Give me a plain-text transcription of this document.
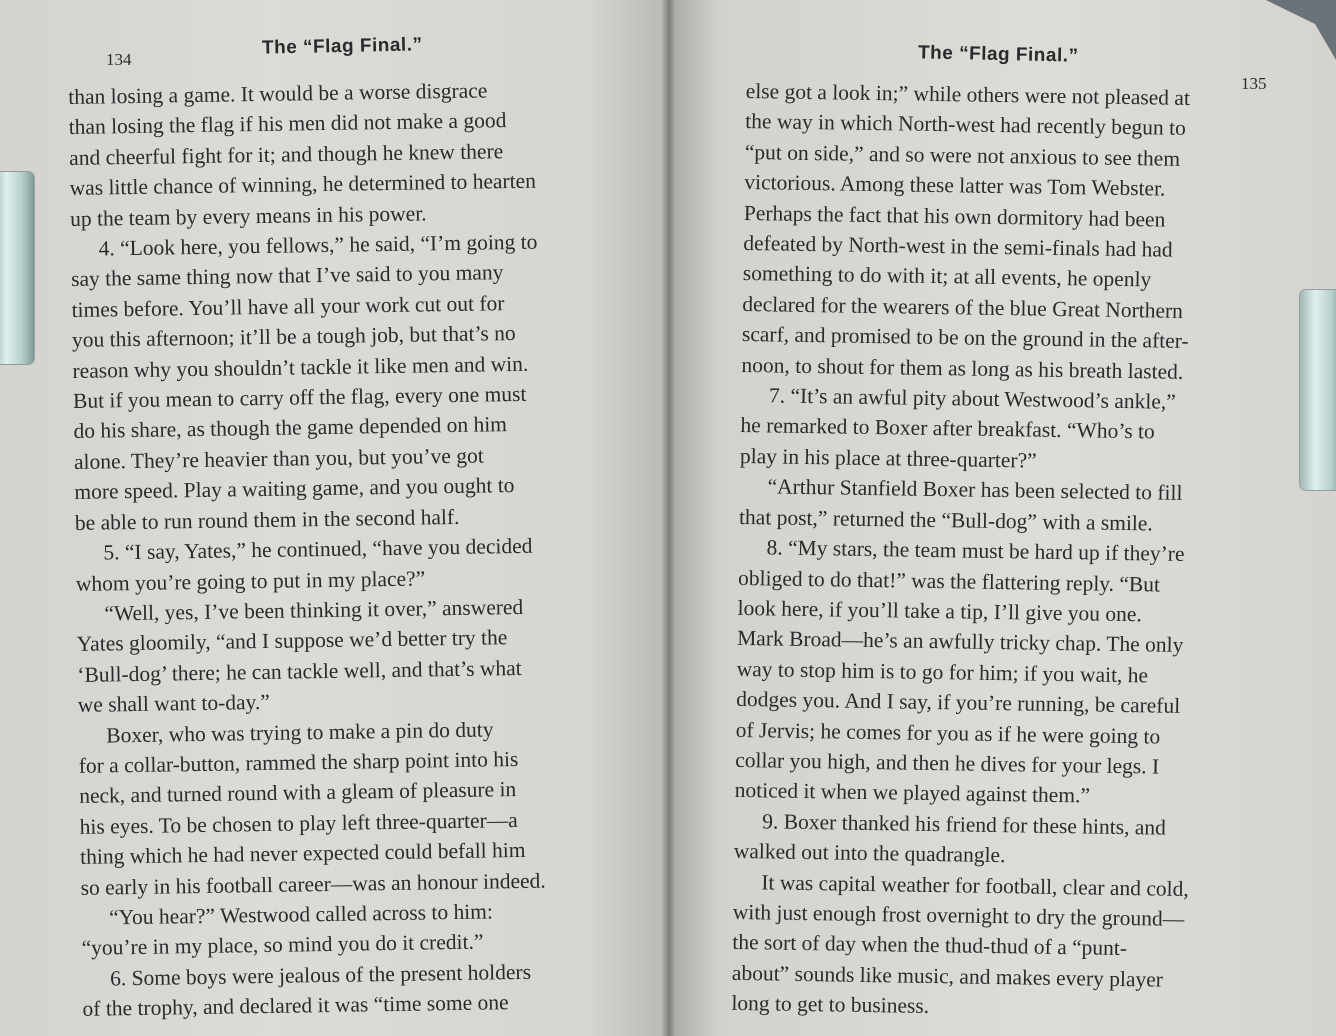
134
The “Flag Final.”
than losing a game. It would be a worse disgrace
than losing the flag if his men did not make a good
and cheerful fight for it; and though he knew there
was little chance of winning, he determined to hearten
up the team by every means in his power.
4. “Look here, you fellows,” he said, “I’m going to
say the same thing now that I’ve said to you many
times before. You’ll have all your work cut out for
you this afternoon; it’ll be a tough job, but that’s no
reason why you shouldn’t tackle it like men and win.
But if you mean to carry off the flag, every one must
do his share, as though the game depended on him
alone. They’re heavier than you, but you’ve got
more speed. Play a waiting game, and you ought to
be able to run round them in the second half.
5. “I say, Yates,” he continued, “have you decided
whom you’re going to put in my place?”
“Well, yes, I’ve been thinking it over,” answered
Yates gloomily, “and I suppose we’d better try the
‘Bull-dog’ there; he can tackle well, and that’s what
we shall want to-day.”
Boxer, who was trying to make a pin do duty
for a collar-button, rammed the sharp point into his
neck, and turned round with a gleam of pleasure in
his eyes. To be chosen to play left three-quarter—a
thing which he had never expected could befall him
so early in his football career—was an honour indeed.
“You hear?” Westwood called across to him:
“you’re in my place, so mind you do it credit.”
6. Some boys were jealous of the present holders
of the trophy, and declared it was “time some one
The “Flag Final.”
135
else got a look in;” while others were not pleased at
the way in which North-west had recently begun to
“put on side,” and so were not anxious to see them
victorious. Among these latter was Tom Webster.
Perhaps the fact that his own dormitory had been
defeated by North-west in the semi-finals had had
something to do with it; at all events, he openly
declared for the wearers of the blue Great Northern
scarf, and promised to be on the ground in the after-
noon, to shout for them as long as his breath lasted.
7. “It’s an awful pity about Westwood’s ankle,”
he remarked to Boxer after breakfast. “Who’s to
play in his place at three-quarter?”
“Arthur Stanfield Boxer has been selected to fill
that post,” returned the “Bull-dog” with a smile.
8. “My stars, the team must be hard up if they’re
obliged to do that!” was the flattering reply. “But
look here, if you’ll take a tip, I’ll give you one.
Mark Broad—he’s an awfully tricky chap. The only
way to stop him is to go for him; if you wait, he
dodges you. And I say, if you’re running, be careful
of Jervis; he comes for you as if he were going to
collar you high, and then he dives for your legs. I
noticed it when we played against them.”
9. Boxer thanked his friend for these hints, and
walked out into the quadrangle.
It was capital weather for football, clear and cold,
with just enough frost overnight to dry the ground—
the sort of day when the thud-thud of a “punt-
about” sounds like music, and makes every player
long to get to business.
